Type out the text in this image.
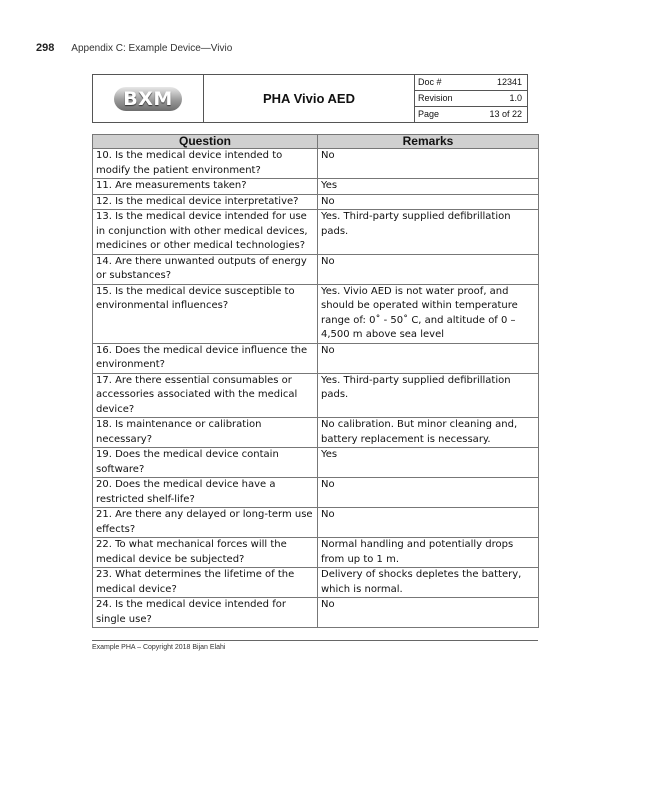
298 Appendix C: Example Device—Vivio
BXM	PHA Vivio AED	
Doc #	12341
Revision	1.0
Page	13 of 22
Question	Remarks
10. Is the medical device intended to modify the patient environment?	No
11. Are measurements taken?	Yes
12. Is the medical device interpretative?	No
13. Is the medical device intended for use in conjunction with other medical devices, medicines or other medical technologies?	Yes. Third-party supplied defibrillation pads.
14. Are there unwanted outputs of energy or substances?	No
15. Is the medical device susceptible to environmental influences?	Yes. Vivio AED is not water proof, and should be operated within temperature range of: 0˚ - 50˚ C, and altitude of 0 – 4,500 m above sea level
16. Does the medical device influence the environment?	No
17. Are there essential consumables or accessories associated with the medical device?	Yes. Third-party supplied defibrillation pads.
18. Is maintenance or calibration necessary?	No calibration. But minor cleaning and, battery replacement is necessary.
19. Does the medical device contain software?	Yes
20. Does the medical device have a restricted shelf-life?	No
21. Are there any delayed or long-term use effects?	No
22. To what mechanical forces will the medical device be subjected?	Normal handling and potentially drops from up to 1 m.
23. What determines the lifetime of the medical device?	Delivery of shocks depletes the battery, which is normal.
24. Is the medical device intended for single use?	No
Example PHA – Copyright 2018 Bijan Elahi
